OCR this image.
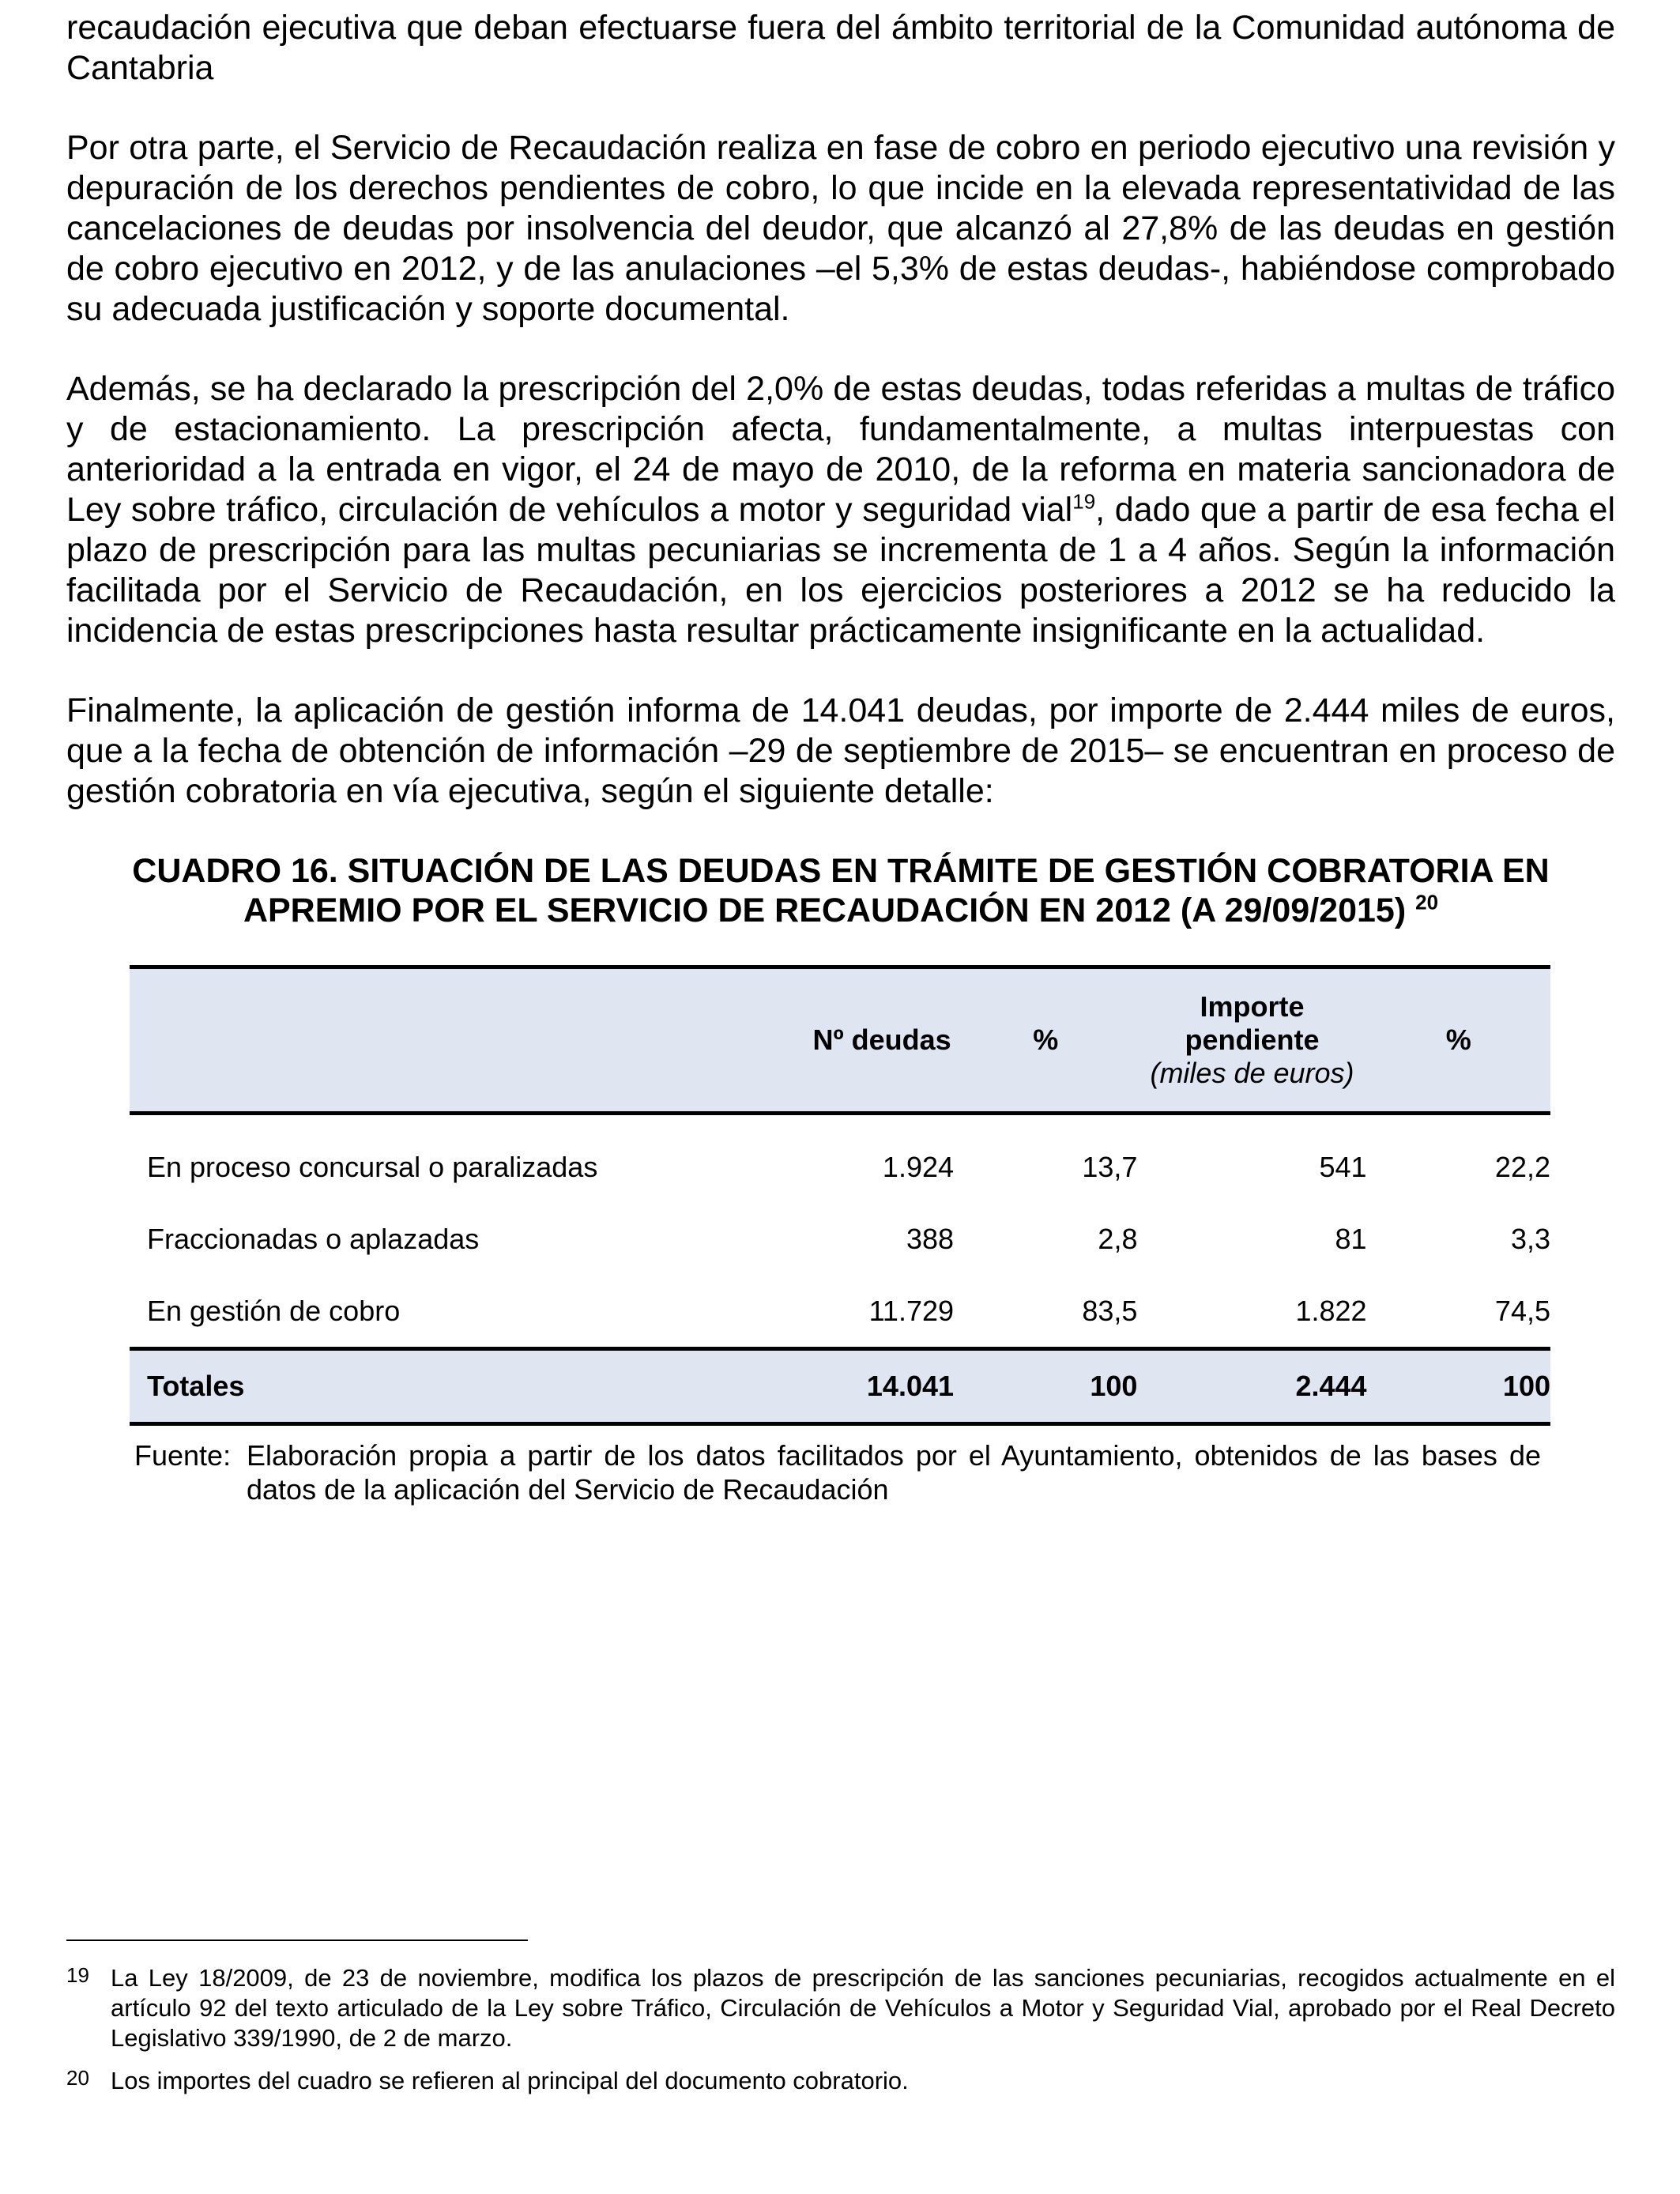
recaudación ejecutiva que deban efectuarse fuera del ámbito territorial de la Comunidad autónoma de Cantabria

Por otra parte, el Servicio de Recaudación realiza en fase de cobro en periodo ejecutivo una revisión y depuración de los derechos pendientes de cobro, lo que incide en la elevada representatividad de las cancelaciones de deudas por insolvencia del deudor, que alcanzó al 27,8% de las deudas en gestión de cobro ejecutivo en 2012, y de las anulaciones –el 5,3% de estas deudas-, habiéndose comprobado su adecuada justificación y soporte documental.

Además, se ha declarado la prescripción del 2,0% de estas deudas, todas referidas a multas de tráfico y de estacionamiento. La prescripción afecta, fundamentalmente, a multas interpuestas con anterioridad a la entrada en vigor, el 24 de mayo de 2010, de la reforma en materia sancionadora de Ley sobre tráfico, circulación de vehículos a motor y seguridad vial$^{19}$, dado que a partir de esa fecha el plazo de prescripción para las multas pecuniarias se incrementa de 1 a 4 años. Según la información facilitada por el Servicio de Recaudación, en los ejercicios posteriores a 2012 se ha reducido la incidencia de estas prescripciones hasta resultar prácticamente insignificante en la actualidad.

Finalmente, la aplicación de gestión informa de 14.041 deudas, por importe de 2.444 miles de euros, que a la fecha de obtención de información –29 de septiembre de 2015– se encuentran en proceso de gestión cobratoria en vía ejecutiva, según el siguiente detalle:

CUADRO 16. SITUACIÓN DE LAS DEUDAS EN TRÁMITE DE GESTIÓN COBRATORIA EN
APREMIO POR EL SERVICIO DE RECAUDACIÓN EN 2012 (A 29/09/2015) $^{20}$
	Nº deudas	%	Importe
pendiente
(miles de euros)	%
En proceso concursal o paralizadas	1.924	13,7	541	22,2
Fraccionadas o aplazadas	388	2,8	81	3,3
En gestión de cobro	11.729	83,5	1.822	74,5
Totales	14.041	100	2.444	100
Fuente: Elaboración propia a partir de los datos facilitados por el Ayuntamiento, obtenidos de las bases de datos de la aplicación del Servicio de Recaudación
19 La Ley 18/2009, de 23 de noviembre, modifica los plazos de prescripción de las sanciones pecuniarias, recogidos actualmente en el artículo 92 del texto articulado de la Ley sobre Tráfico, Circulación de Vehículos a Motor y Seguridad Vial, aprobado por el Real Decreto Legislativo 339/1990, de 2 de marzo.
20 Los importes del cuadro se refieren al principal del documento cobratorio.
